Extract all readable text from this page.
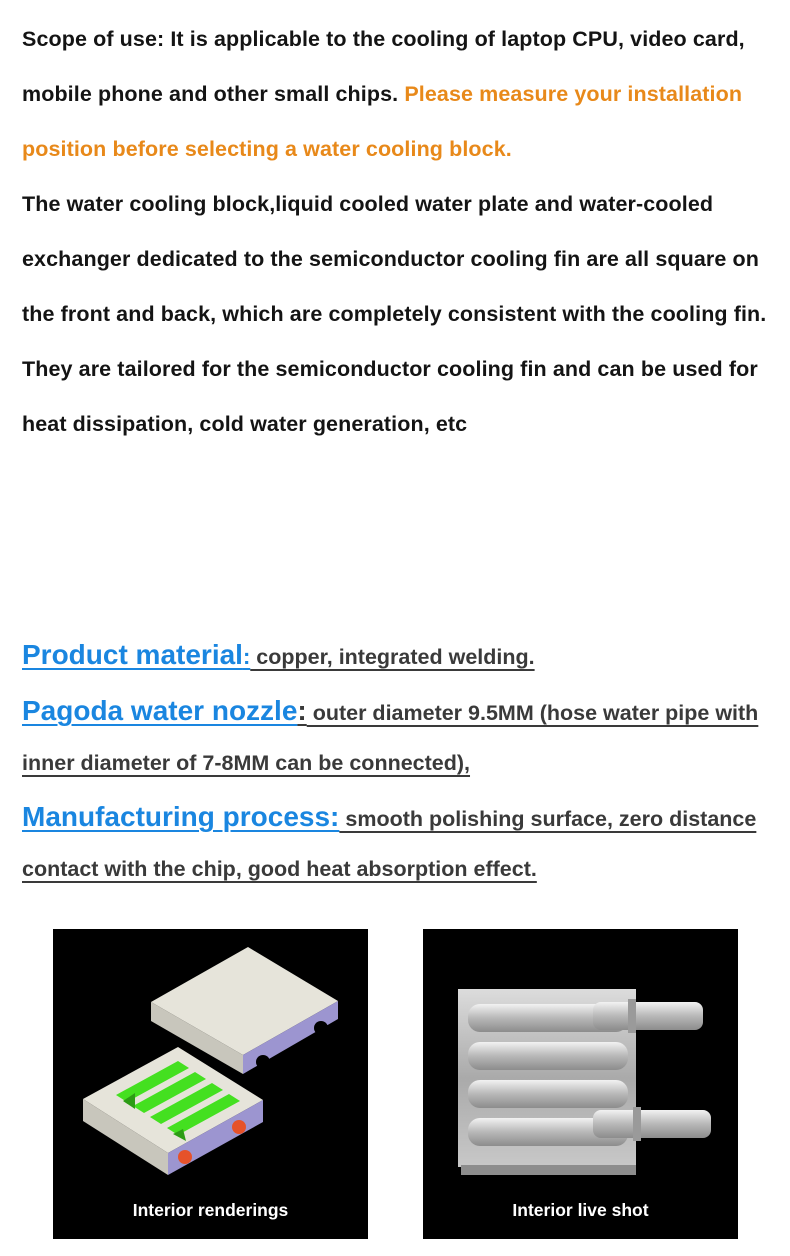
Scope of use: It is applicable to the cooling of laptop CPU, video card, mobile phone and other small chips. Please measure your installation position before selecting a water cooling block.
The water cooling block,liquid cooled water plate and water-cooled exchanger dedicated to the semiconductor cooling fin are all square on the front and back, which are completely consistent with the cooling fin. They are tailored for the semiconductor cooling fin and can be used for heat dissipation, cold water generation, etc
Product material: copper, integrated welding.
Pagoda water nozzle: outer diameter 9.5MM (hose water pipe with inner diameter of 7-8MM can be connected),
Manufacturing process: smooth polishing surface, zero distance contact with the chip, good heat absorption effect.
Interior renderings	Interior live shot
